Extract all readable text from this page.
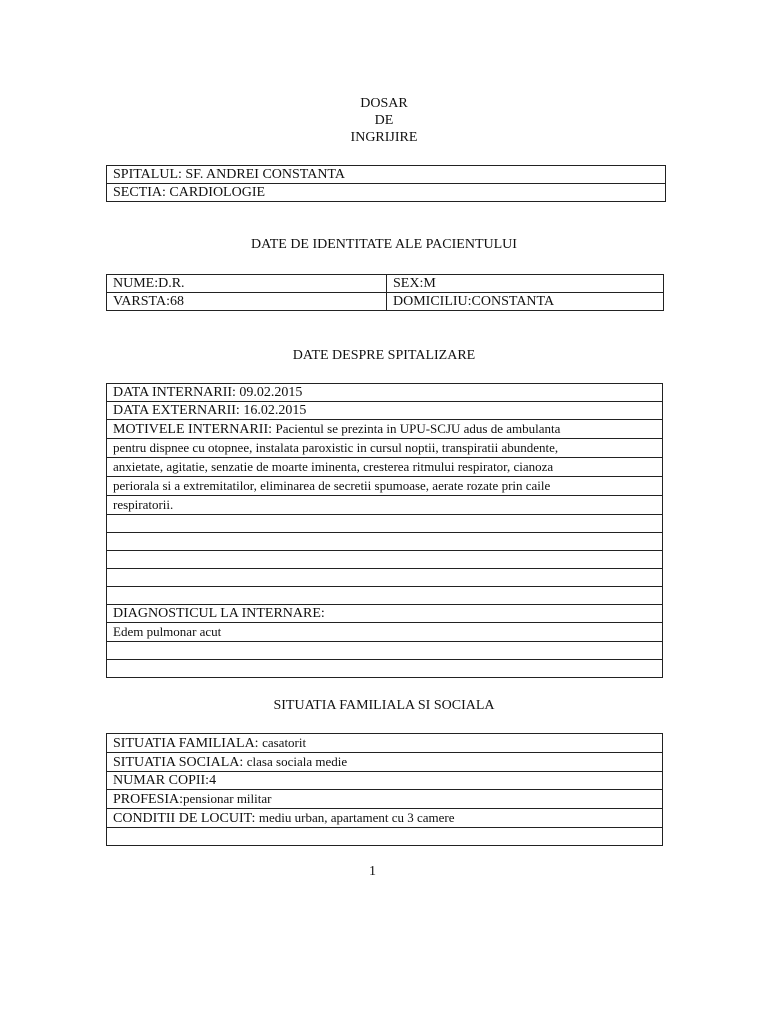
DOSAR
DE
INGRIJIRE
SPITALUL: SF. ANDREI CONSTANTA
SECTIA: CARDIOLOGIE
DATE DE IDENTITATE ALE PACIENTULUI
NUME:D.R.	SEX:M
VARSTA:68	DOMICILIU:CONSTANTA
DATE DESPRE SPITALIZARE
DATA INTERNARII: 09.02.2015
DATA EXTERNARII: 16.02.2015
MOTIVELE INTERNARII: Pacientul se prezinta in UPU-SCJU adus de ambulanta
pentru dispnee cu otopnee, instalata paroxistic in cursul noptii, transpiratii abundente,
anxietate, agitatie, senzatie de moarte iminenta, cresterea ritmului respirator, cianoza
periorala si a extremitatilor, eliminarea de secretii spumoase, aerate rozate prin caile
respiratorii.

DIAGNOSTICUL LA INTERNARE:
Edem pulmonar acut

SITUATIA FAMILIALA SI SOCIALA
SITUATIA FAMILIALA: casatorit
SITUATIA SOCIALA: clasa sociala medie
NUMAR COPII:4
PROFESIA:pensionar militar
CONDITII DE LOCUIT: mediu urban, apartament cu 3 camere

1
